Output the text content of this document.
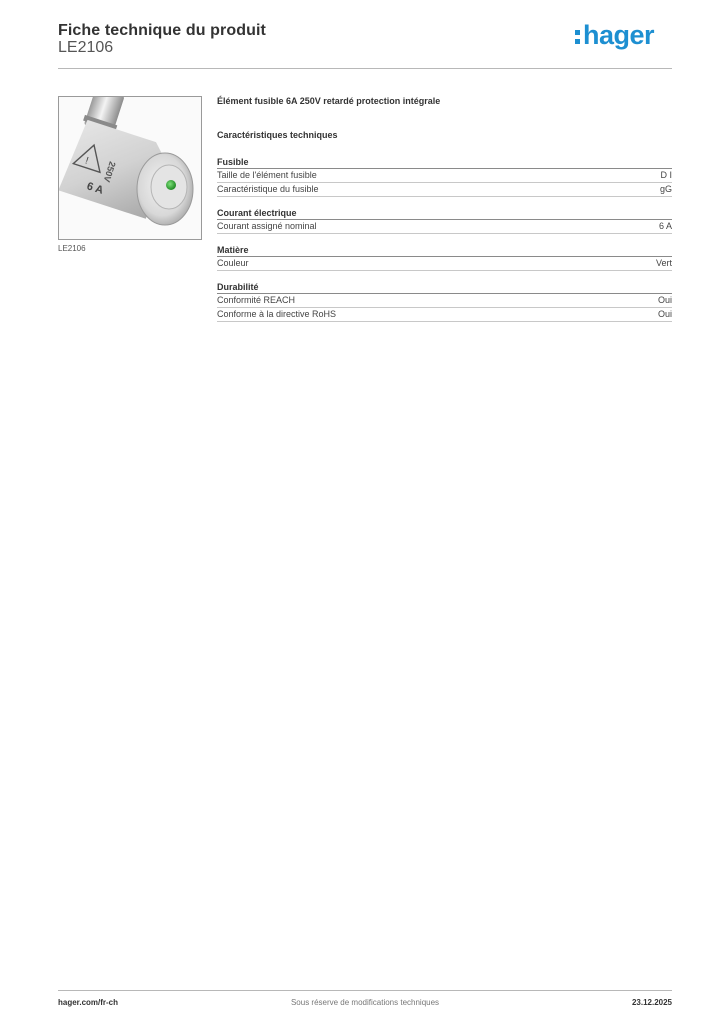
Fiche technique du produit
LE2106	hager
! 250V
6 A
LE2106
Élément fusible 6A 250V retardé protection intégrale
Caractéristiques techniques
Fusible
Taille de l'élément fusible	D I
Caractéristique du fusible	gG
Courant électrique
Courant assigné nominal	6 A
Matière
Couleur	Vert
Durabilité
Conformité REACH	Oui
Conforme à la directive RoHS	Oui
hager.com/fr-ch	Sous réserve de modifications techniques	23.12.2025
